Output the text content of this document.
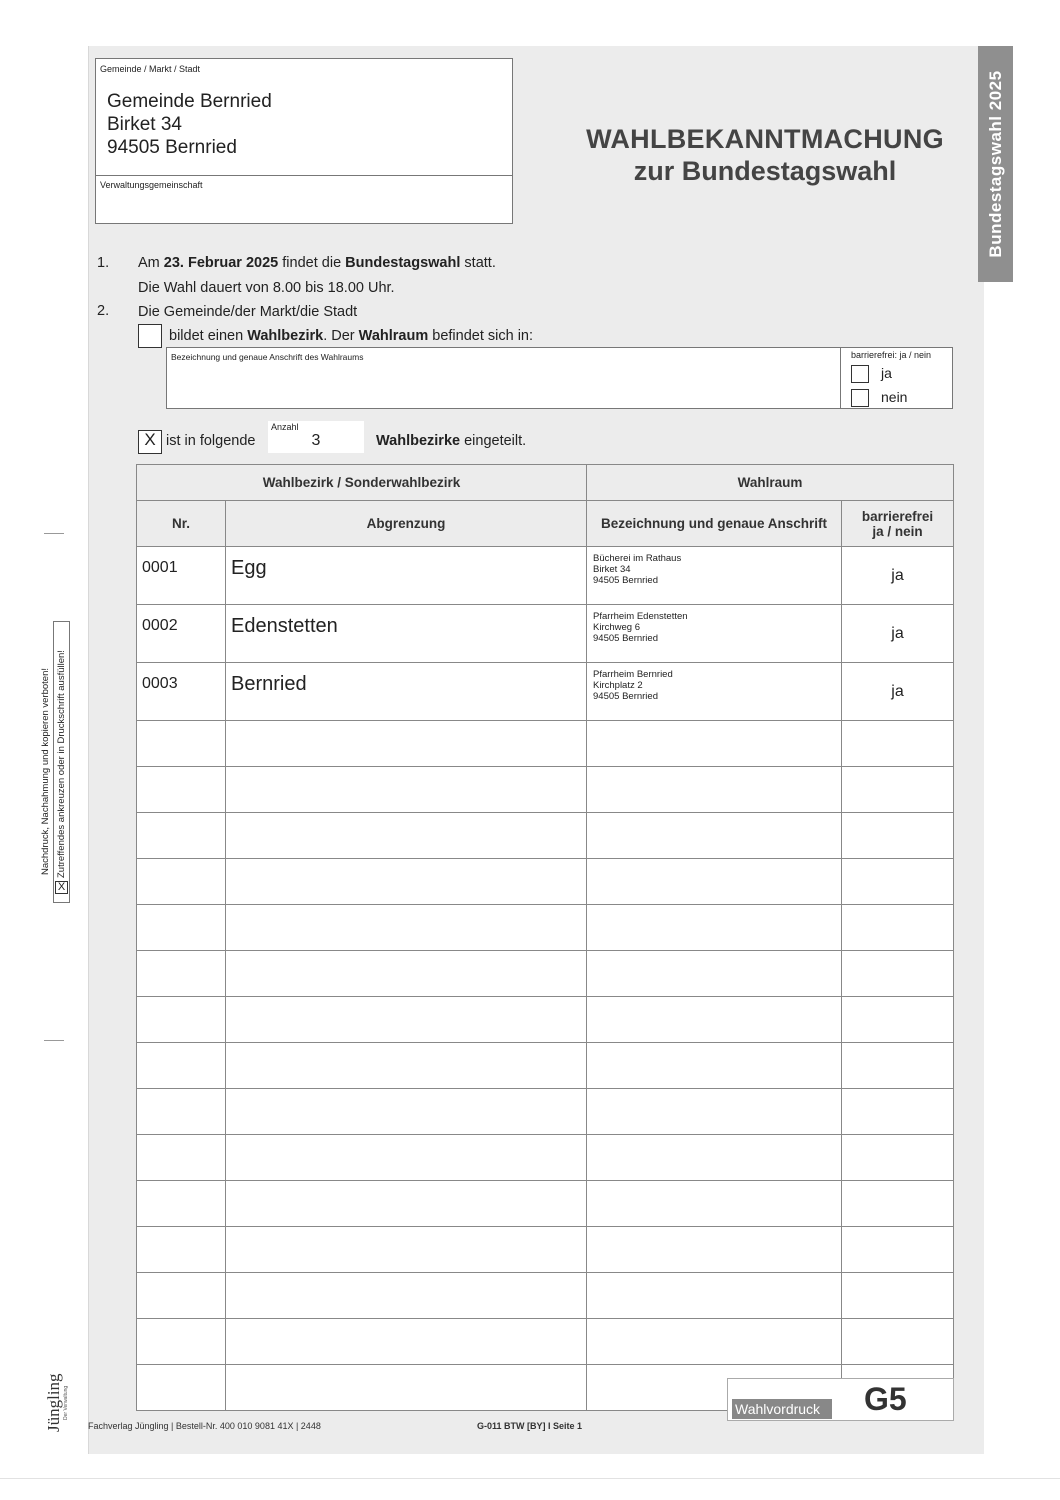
Bundestagswahl 2025
Gemeinde / Markt / Stadt
Gemeinde Bernried
Birket 34
94505 Bernried
Verwaltungsgemeinschaft
WAHLBEKANNTMACHUNG
zur Bundestagswahl
1. Am 23. Februar 2025 findet die Bundestagswahl statt.
Die Wahl dauert von 8.00 bis 18.00 Uhr.
2. Die Gemeinde/der Markt/die Stadt
bildet einen Wahlbezirk. Der Wahlraum befindet sich in:
Bezeichnung und genaue Anschrift des Wahlraums	barrierefrei: ja / nein
ja
nein
X ist in folgende
Anzahl
3	Wahlbezirke eingeteilt.
Wahlbezirk / Sonderwahlbezirk		Wahlraum	
Nr.	Abgrenzung	Bezeichnung und genaue Anschrift	barrierefrei
ja / nein
0001	Egg	Bücherei im Rathaus
Birket 34
94505 Bernried	ja
0002	Edenstetten	Pfarrheim Edenstetten
Kirchweg 6
94505 Bernried	ja
0003	Bernried	Pfarrheim Bernried
Kirchplatz 2
94505 Bernried	ja

Nachdruck, Nachahmung und kopieren verboten!
X
Zutreffendes ankreuzen oder in Druckschrift ausfüllen!
Jüngling Der Verwaltung
Fachverlag Jüngling | Bestell-Nr. 400 010 9081 41X | 2448	G-011 BTW [BY] I Seite 1
Wahlvordruck	G5
